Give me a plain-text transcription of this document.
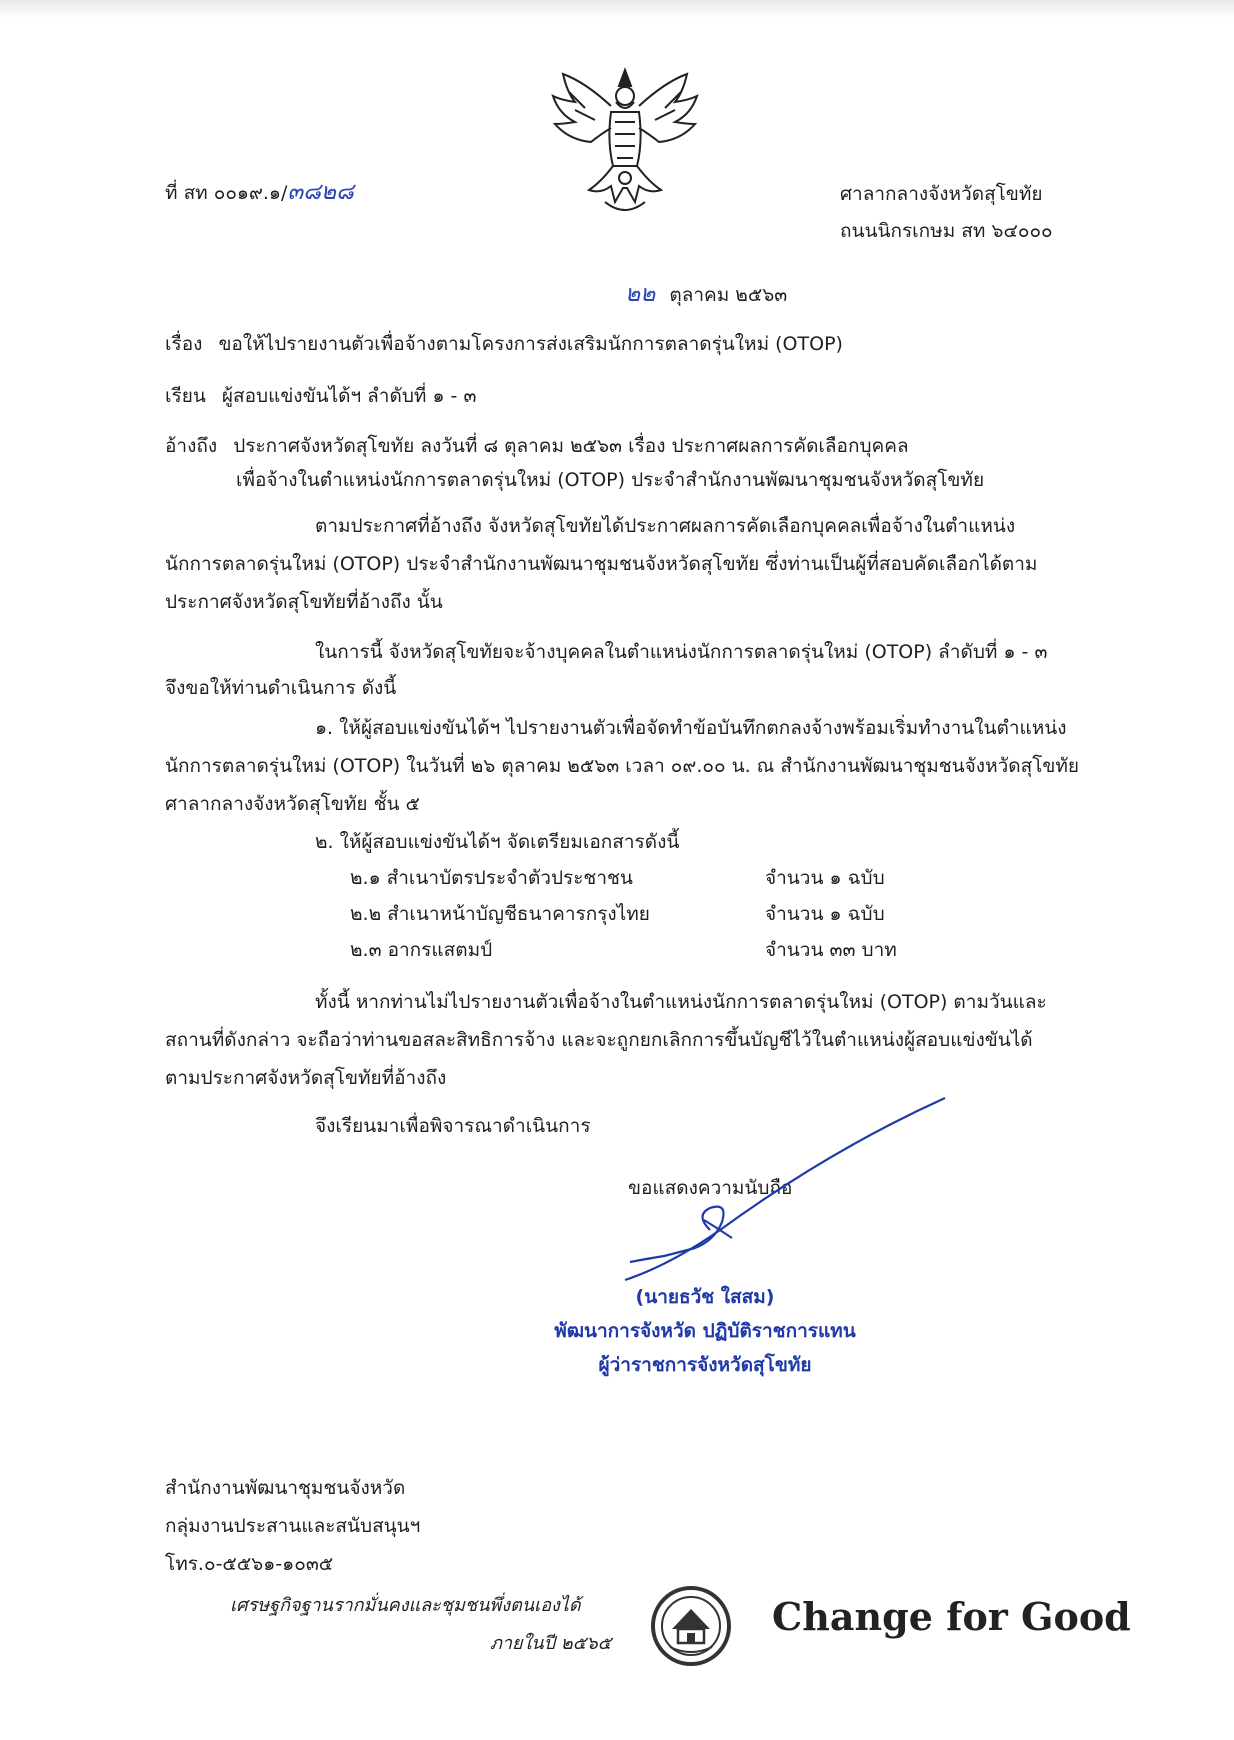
ที่ สท ๐๐๑๙.๑/๓๘๒๘	ศาลากลางจังหวัดสุโขทัย
ถนนนิกรเกษม สท ๖๔๐๐๐
๒๒ ตุลาคม ๒๕๖๓
เรื่อง ขอให้ไปรายงานตัวเพื่อจ้างตามโครงการส่งเสริมนักการตลาดรุ่นใหม่ (OTOP)
เรียน ผู้สอบแข่งขันได้ฯ ลำดับที่ ๑ - ๓
อ้างถึง ประกาศจังหวัดสุโขทัย ลงวันที่ ๘ ตุลาคม ๒๕๖๓ เรื่อง ประกาศผลการคัดเลือกบุคคล
เพื่อจ้างในตำแหน่งนักการตลาดรุ่นใหม่ (OTOP) ประจำสำนักงานพัฒนาชุมชนจังหวัดสุโขทัย
ตามประกาศที่อ้างถึง จังหวัดสุโขทัยได้ประกาศผลการคัดเลือกบุคคลเพื่อจ้างในตำแหน่ง
นักการตลาดรุ่นใหม่ (OTOP) ประจำสำนักงานพัฒนาชุมชนจังหวัดสุโขทัย ซึ่งท่านเป็นผู้ที่สอบคัดเลือกได้ตาม
ประกาศจังหวัดสุโขทัยที่อ้างถึง นั้น
ในการนี้ จังหวัดสุโขทัยจะจ้างบุคคลในตำแหน่งนักการตลาดรุ่นใหม่ (OTOP) ลำดับที่ ๑ - ๓
จึงขอให้ท่านดำเนินการ ดังนี้
๑. ให้ผู้สอบแข่งขันได้ฯ ไปรายงานตัวเพื่อจัดทำข้อบันทึกตกลงจ้างพร้อมเริ่มทำงานในตำแหน่ง
นักการตลาดรุ่นใหม่ (OTOP) ในวันที่ ๒๖ ตุลาคม ๒๕๖๓ เวลา ๐๙.๐๐ น. ณ สำนักงานพัฒนาชุมชนจังหวัดสุโขทัย
ศาลากลางจังหวัดสุโขทัย ชั้น ๕
๒. ให้ผู้สอบแข่งขันได้ฯ จัดเตรียมเอกสารดังนี้
๒.๑ สำเนาบัตรประจำตัวประชาชน	จำนวน ๑ ฉบับ
๒.๒ สำเนาหน้าบัญชีธนาคารกรุงไทย	จำนวน ๑ ฉบับ
๒.๓ อากรแสตมป์	จำนวน ๓๓ บาท
ทั้งนี้ หากท่านไม่ไปรายงานตัวเพื่อจ้างในตำแหน่งนักการตลาดรุ่นใหม่ (OTOP) ตามวันและ
สถานที่ดังกล่าว จะถือว่าท่านขอสละสิทธิการจ้าง และจะถูกยกเลิกการขึ้นบัญชีไว้ในตำแหน่งผู้สอบแข่งขันได้
ตามประกาศจังหวัดสุโขทัยที่อ้างถึง
จึงเรียนมาเพื่อพิจารณาดำเนินการ
ขอแสดงความนับถือ
(นายธวัช ใสสม)
พัฒนาการจังหวัด ปฏิบัติราชการแทน
ผู้ว่าราชการจังหวัดสุโขทัย
สำนักงานพัฒนาชุมชนจังหวัด
กลุ่มงานประสานและสนับสนุนฯ
โทร.๐-๕๕๖๑-๑๐๓๕
เศรษฐกิจฐานรากมั่นคงและชุมชนพึ่งตนเองได้
ภายในปี ๒๕๖๕
Change for Good
